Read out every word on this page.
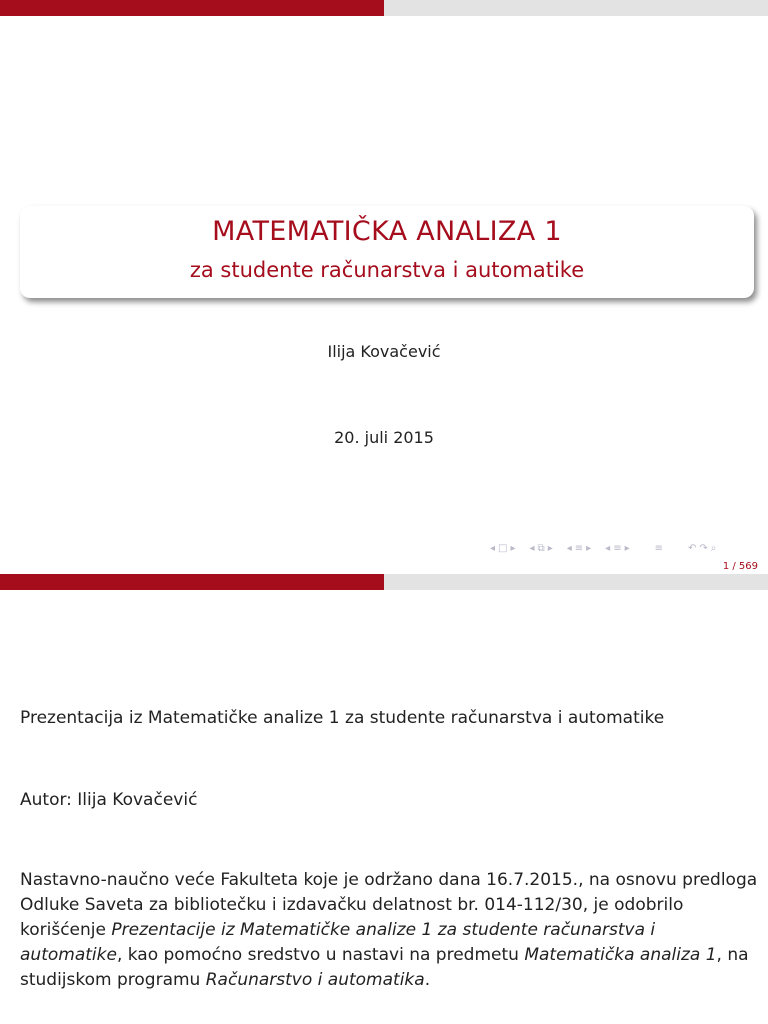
MATEMATIČKA ANALIZA 1
za studente računarstva i automatike
Ilija Kovačević
20. juli 2015
◂ □ ▸ ◂ ⧉ ▸ ◂ ≡ ▸ ◂ ≡ ▸	≡	↶ ↷ ⌕
1 / 569
Prezentacija iz Matematičke analize 1 za studente računarstva i automatike
Autor: Ilija Kovačević
Nastavno-naučno veće Fakulteta koje je održano dana 16.7.2015., na osnovu predloga Odluke Saveta za bibliotečku i izdavačku delatnost br. 014-112/30, je odobrilo korišćenje Prezentacije iz Matematičke analize 1 za studente računarstva i automatike, kao pomoćno sredstvo u nastavi na predmetu Matematička analiza 1, na studijskom programu Računarstvo i automatika.
